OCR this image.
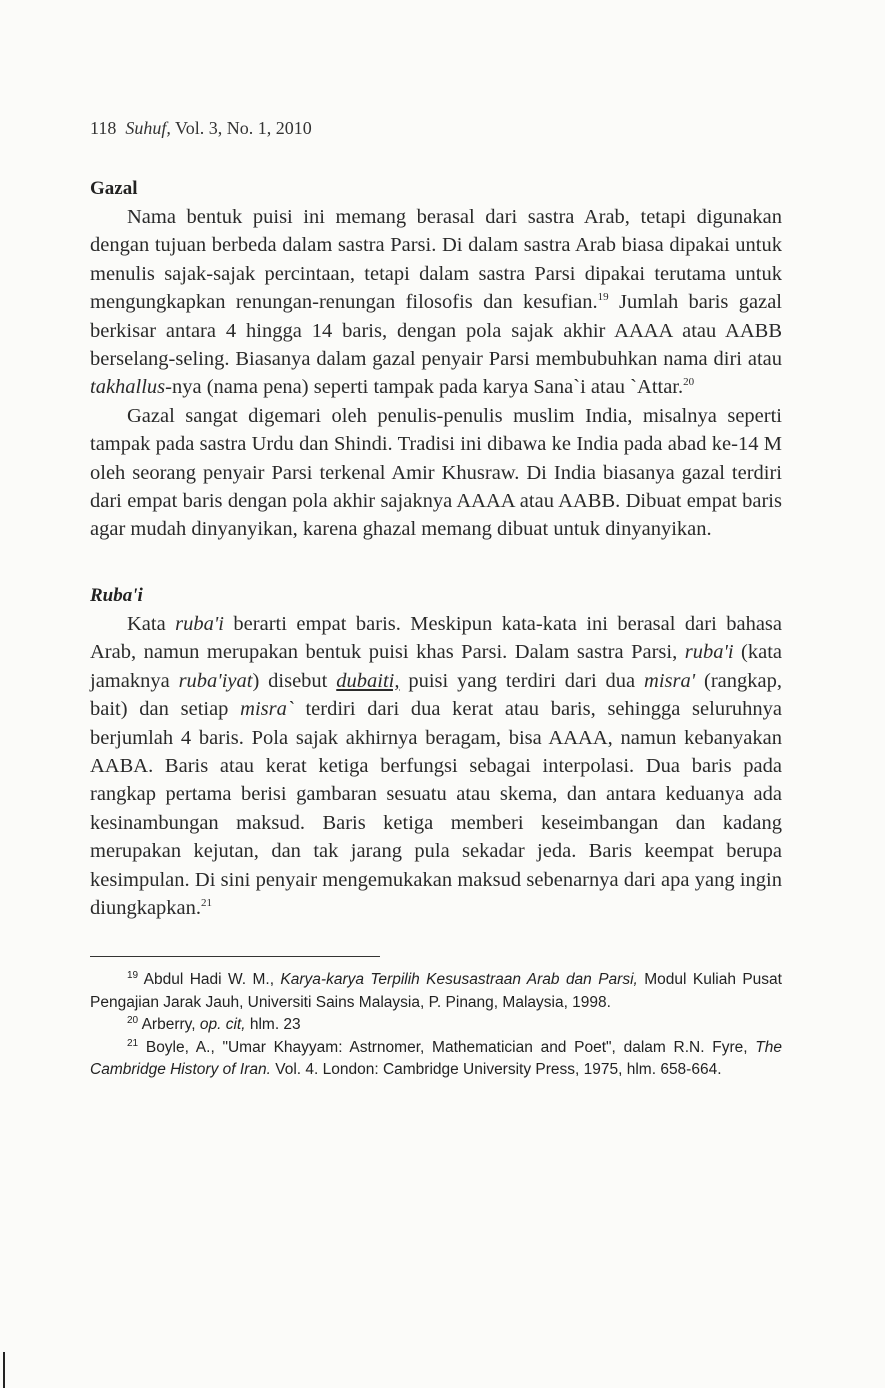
118 Suhuf, Vol. 3, No. 1, 2010
Gazal

Nama bentuk puisi ini memang berasal dari sastra Arab, tetapi digunakan dengan tujuan berbeda dalam sastra Parsi. Di dalam sastra Arab biasa dipakai untuk menulis sajak-sajak percintaan, tetapi dalam sastra Parsi dipakai terutama untuk mengungkapkan renungan-renungan filosofis dan kesufian.$^{19}$ Jumlah baris gazal berkisar antara 4 hingga 14 baris, dengan pola sajak akhir AAAA atau AABB berselang-seling. Biasanya dalam gazal penyair Parsi membubuhkan nama diri atau takhallus-nya (nama pena) seperti tampak pada karya Sana`i atau `Attar.$^{20}$

Gazal sangat digemari oleh penulis-penulis muslim India, misalnya seperti tampak pada sastra Urdu dan Shindi. Tradisi ini dibawa ke India pada abad ke-14 M oleh seorang penyair Parsi terkenal Amir Khusraw. Di India biasanya gazal terdiri dari empat baris dengan pola akhir sajaknya AAAA atau AABB. Dibuat empat baris agar mudah dinyanyikan, karena ghazal memang dibuat untuk dinyanyikan.

Ruba'i

Kata ruba'i berarti empat baris. Meskipun kata-kata ini berasal dari bahasa Arab, namun merupakan bentuk puisi khas Parsi. Dalam sastra Parsi, ruba'i (kata jamaknya ruba'iyat) disebut dubaiti, puisi yang terdiri dari dua misra' (rangkap, bait) dan setiap misra` terdiri dari dua kerat atau baris, sehingga seluruhnya berjumlah 4 baris. Pola sajak akhirnya beragam, bisa AAAA, namun kebanyakan AABA. Baris atau kerat ketiga berfungsi sebagai interpolasi. Dua baris pada rangkap pertama berisi gambaran sesuatu atau skema, dan antara keduanya ada kesinambungan maksud. Baris ketiga memberi keseimbangan dan kadang merupakan kejutan, dan tak jarang pula sekadar jeda. Baris keempat berupa kesimpulan. Di sini penyair mengemukakan maksud sebenarnya dari apa yang ingin diungkapkan.$^{21}$

$^{19}$ Abdul Hadi W. M., Karya-karya Terpilih Kesusastraan Arab dan Parsi, Modul Kuliah Pusat Pengajian Jarak Jauh, Universiti Sains Malaysia, P. Pinang, Malaysia, 1998.

$^{20}$ Arberry, op. cit, hlm. 23

$^{21}$ Boyle, A., "Umar Khayyam: Astrnomer, Mathematician and Poet", dalam R.N. Fyre, The Cambridge History of Iran. Vol. 4. London: Cambridge University Press, 1975, hlm. 658-664.
